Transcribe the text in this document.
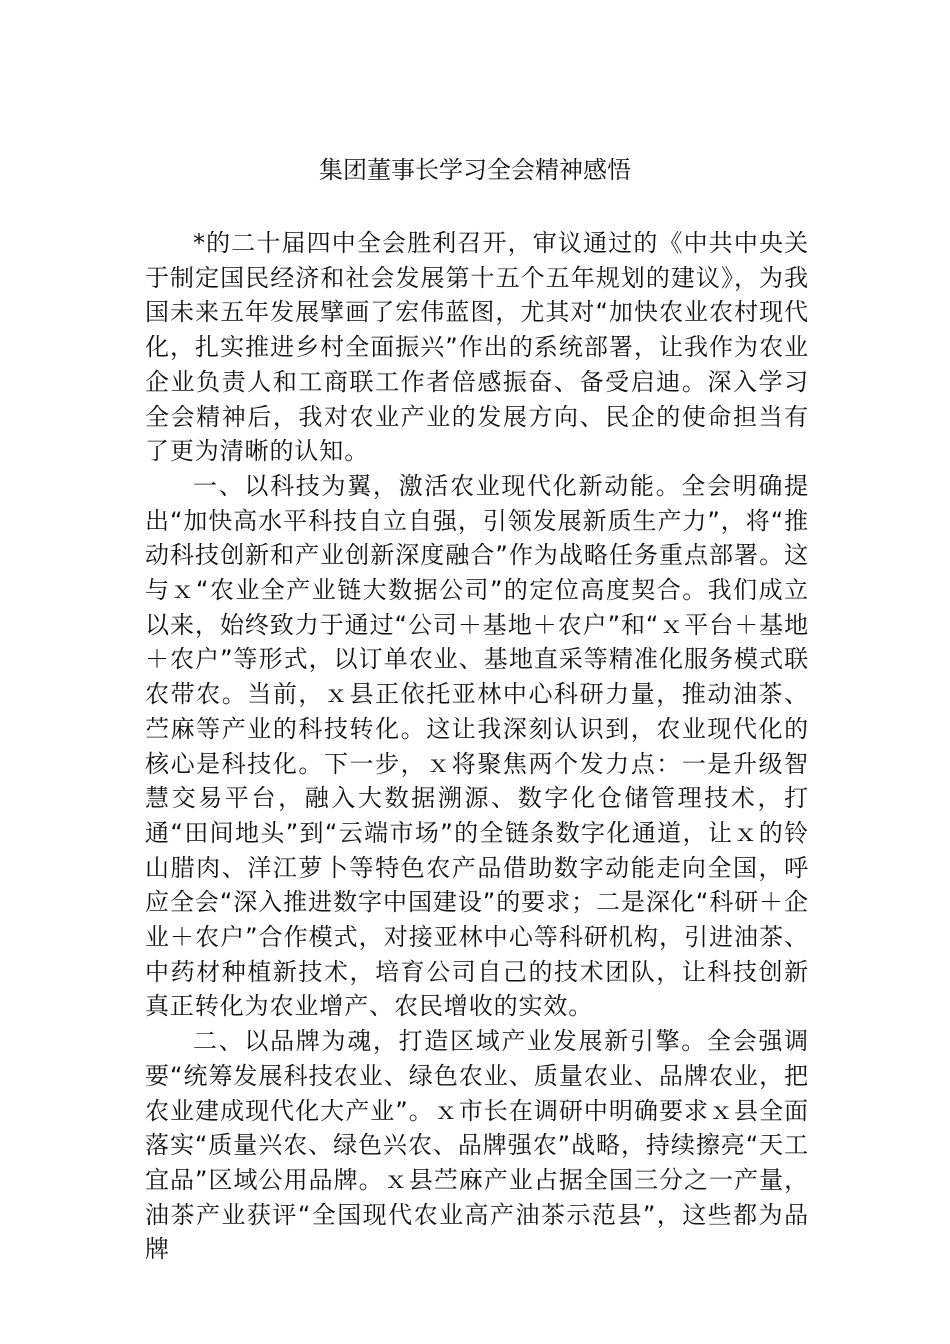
集团董事长学习全会精神感悟

*的二十届四中全会胜利召开，审议通过的《中共中央关于制定国民经济和社会发展第十五个五年规划的建议》，为我国未来五年发展擘画了宏伟蓝图，尤其对“加快农业农村现代化，扎实推进乡村全面振兴”作出的系统部署，让我作为农业企业负责人和工商联工作者倍感振奋、备受启迪。深入学习全会精神后，我对农业产业的发展方向、民企的使命担当有了更为清晰的认知。

一、以科技为翼，激活农业现代化新动能。全会明确提出“加快高水平科技自立自强，引领发展新质生产力”，将“推动科技创新和产业创新深度融合”作为战略任务重点部署。这与ｘ“农业全产业链大数据公司”的定位高度契合。我们成立以来，始终致力于通过“公司＋基地＋农户”和“ｘ平台＋基地＋农户”等形式，以订单农业、基地直采等精准化服务模式联农带农。当前，ｘ县正依托亚林中心科研力量，推动油茶、苎麻等产业的科技转化。这让我深刻认识到，农业现代化的核心是科技化。下一步，ｘ将聚焦两个发力点：一是升级智慧交易平台，融入大数据溯源、数字化仓储管理技术，打通“田间地头”到“云端市场”的全链条数字化通道，让ｘ的铃山腊肉、洋江萝卜等特色农产品借助数字动能走向全国，呼应全会“深入推进数字中国建设”的要求；二是深化“科研＋企业＋农户”合作模式，对接亚林中心等科研机构，引进油茶、中药材种植新技术，培育公司自己的技术团队，让科技创新真正转化为农业增产、农民增收的实效。

二、以品牌为魂，打造区域产业发展新引擎。全会强调要“统筹发展科技农业、绿色农业、质量农业、品牌农业，把农业建成现代化大产业”。ｘ市长在调研中明确要求ｘ县全面落实“质量兴农、绿色兴农、品牌强农”战略，持续擦亮“天工宜品”区域公用品牌。ｘ县苎麻产业占据全国三分之一产量，油茶产业获评“全国现代农业高产油茶示范县”，这些都为品牌
